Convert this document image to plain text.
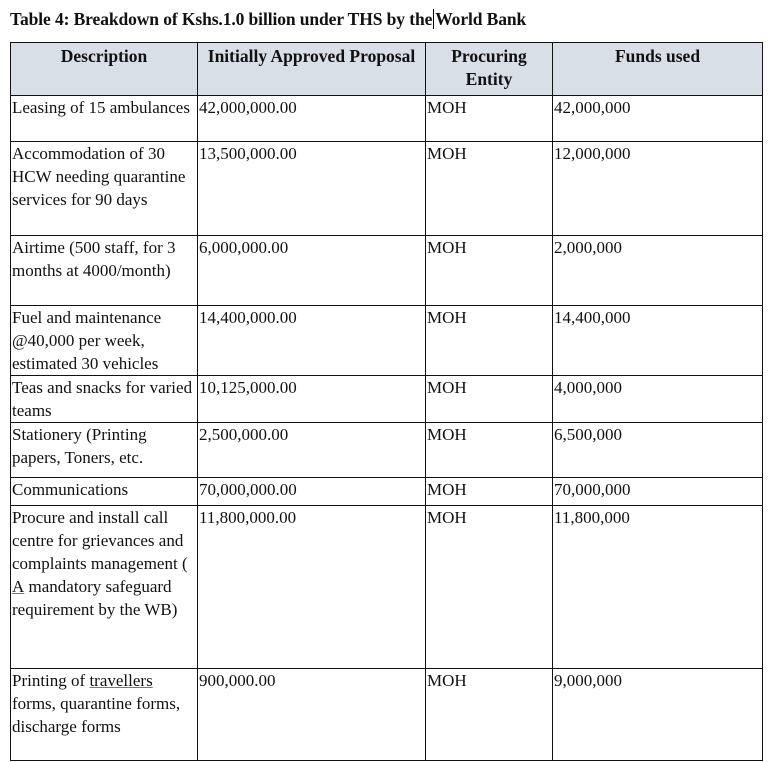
Table 4: Breakdown of Kshs.1.0 billion under THS by the World Bank
Description	Initially Approved Proposal	Procuring Entity	Funds used
Leasing of 15 ambulances	42,000,000.00	MOH	42,000,000
Accommodation of 30 HCW needing quarantine services for 90 days	13,500,000.00	MOH	12,000,000
Airtime (500 staff, for 3 months at 4000/month)	6,000,000.00	MOH	2,000,000
Fuel and maintenance @40,000 per week, estimated 30 vehicles	14,400,000.00	MOH	14,400,000
Teas and snacks for varied teams	10,125,000.00	MOH	4,000,000
Stationery (Printing papers, Toners, etc.	2,500,000.00	MOH	6,500,000
Communications	70,000,000.00	MOH	70,000,000
Procure and install call centre for grievances and complaints management ( A mandatory safeguard requirement by the WB)	11,800,000.00	MOH	11,800,000
Printing of travellers forms, quarantine forms, discharge forms	900,000.00	MOH	9,000,000
